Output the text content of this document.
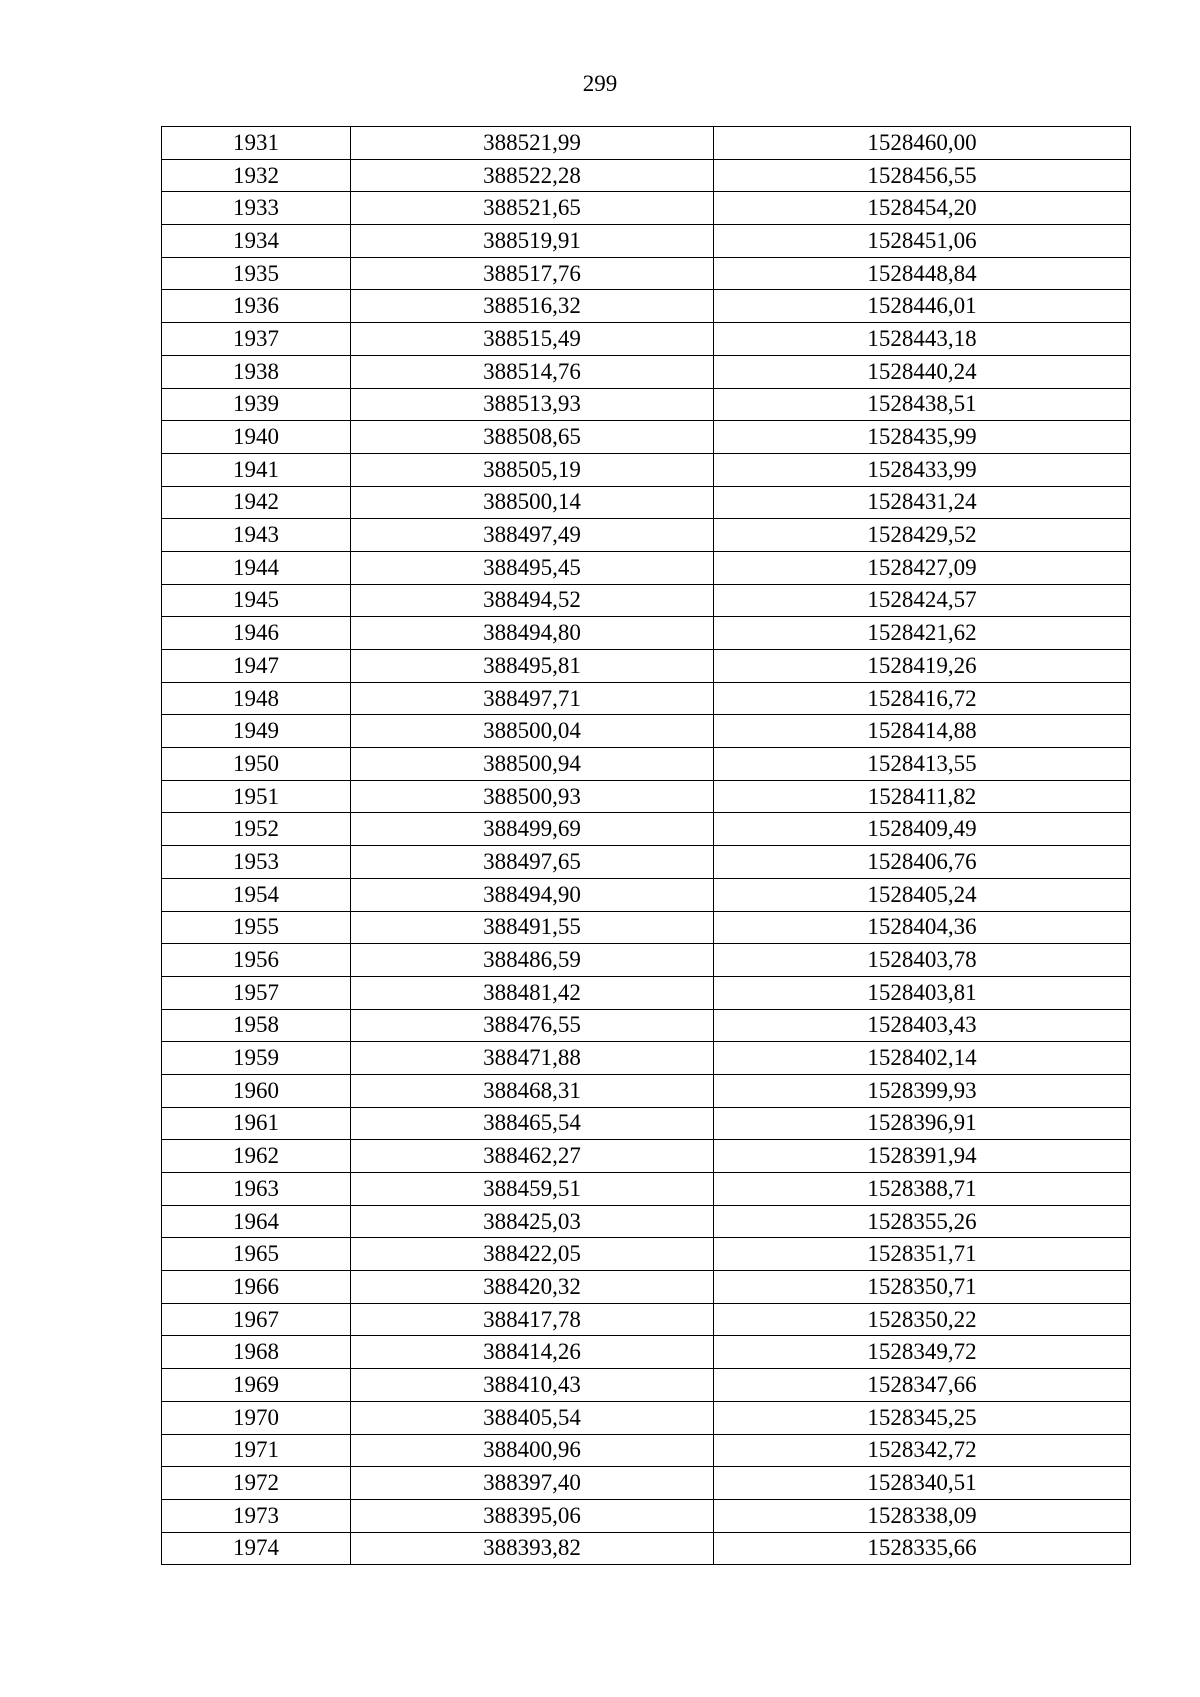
299
1931	388521,99	1528460,00
1932	388522,28	1528456,55
1933	388521,65	1528454,20
1934	388519,91	1528451,06
1935	388517,76	1528448,84
1936	388516,32	1528446,01
1937	388515,49	1528443,18
1938	388514,76	1528440,24
1939	388513,93	1528438,51
1940	388508,65	1528435,99
1941	388505,19	1528433,99
1942	388500,14	1528431,24
1943	388497,49	1528429,52
1944	388495,45	1528427,09
1945	388494,52	1528424,57
1946	388494,80	1528421,62
1947	388495,81	1528419,26
1948	388497,71	1528416,72
1949	388500,04	1528414,88
1950	388500,94	1528413,55
1951	388500,93	1528411,82
1952	388499,69	1528409,49
1953	388497,65	1528406,76
1954	388494,90	1528405,24
1955	388491,55	1528404,36
1956	388486,59	1528403,78
1957	388481,42	1528403,81
1958	388476,55	1528403,43
1959	388471,88	1528402,14
1960	388468,31	1528399,93
1961	388465,54	1528396,91
1962	388462,27	1528391,94
1963	388459,51	1528388,71
1964	388425,03	1528355,26
1965	388422,05	1528351,71
1966	388420,32	1528350,71
1967	388417,78	1528350,22
1968	388414,26	1528349,72
1969	388410,43	1528347,66
1970	388405,54	1528345,25
1971	388400,96	1528342,72
1972	388397,40	1528340,51
1973	388395,06	1528338,09
1974	388393,82	1528335,66
